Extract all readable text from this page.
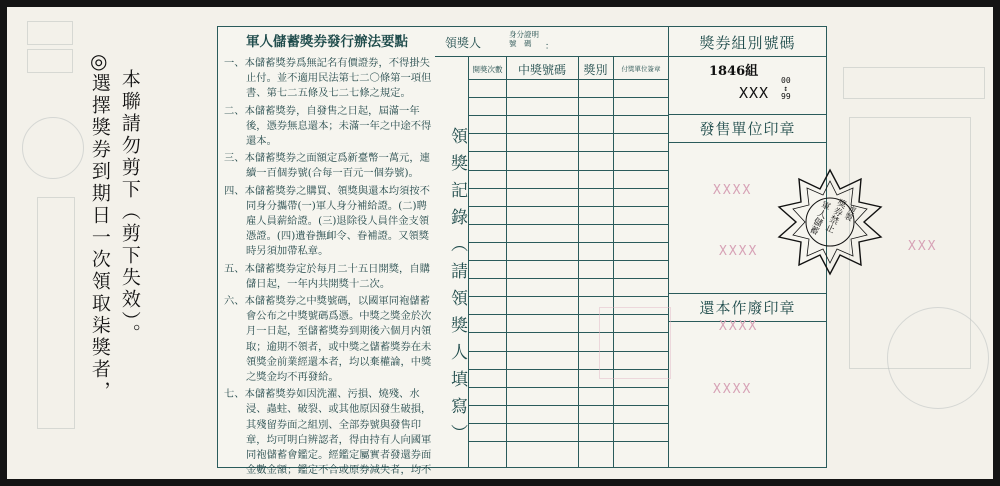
本聯請勿剪下（剪下失效）。
◎
選擇獎券到期日一次領取柒獎者，
軍人儲蓄獎券發行辦法要點

一、本儲蓄獎券爲無記名有價證券，不得掛失止付。並不適用民法第七二〇條第一項但書、第七二五條及七二七條之規定。

二、本儲蓄獎券，自發售之日起，屆滿一年後，憑券無息還本；未滿一年之中途不得還本。

三、本儲蓄獎券之面額定爲新臺幣一萬元，連續一百個券號(合每一百元一個券號)。

四、本儲蓄獎券之購買、領獎與還本均須按不同身分攜帶(一)軍人身分補給證。(二)聘雇人員薪給證。(三)退除役人員伴金支領憑證。(四)遺眷撫卹令、眷補證。又領獎時另須加帶私章。

五、本儲蓄獎券定於每月二十五日開獎，自購儲日起，一年内共開獎十二次。

六、本儲蓄獎券之中獎號碼，以國軍同袍儲蓄會公布之中獎號碼爲憑。中獎之獎金於次月一日起，至儲蓄獎券到期後六個月内領取；逾期不領者，或中獎之儲蓄獎券在未領獎金前業經還本者，均以棄權論，中獎之獎金均不再發給。

七、本儲蓄獎券如因洗濯、污損、燒殘、水浸、蟲蛀、破裂、或其他原因發生破損，其殘留券面之組別、全部券號與發售印章，均可明白辨認者，得由持有人向國軍同袍儲蓄會鑑定。經鑑定屬實者發還券面金數金額；鑑定不合或原券減失者，均不予受理。

領獎人
身分證明
號　碼	：
領獎記錄（請領獎人填寫）
開獎次數	中獎號碼	獎別	付獎單位簽章
獎券組別號碼
1846組
XXX
00
↕
99
發售單位印章
還本作廢印章
XXXX
XXXX	XXX
XXXX
XXXX
軍人儲蓄
獎券禁止
複製
